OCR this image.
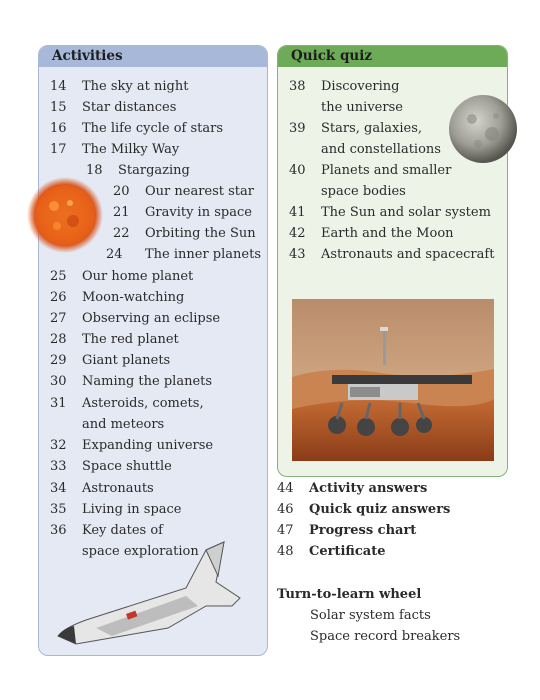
Activities	Quick quiz
14 The sky at night
15 Star distances
16 The life cycle of stars
17 The Milky Way
18 Stargazing
20 Our nearest star
21 Gravity in space
22 Orbiting the Sun
24 The inner planets
25 Our home planet
26 Moon-watching
27 Observing an eclipse
28 The red planet
29 Giant planets
30 Naming the planets
31 Asteroids, comets,
and meteors
32 Expanding universe
33 Space shuttle
34 Astronauts
35 Living in space
36 Key dates of
space exploration
38 Discovering
the universe
39 Stars, galaxies,
and constellations
40 Planets and smaller
space bodies
41 The Sun and solar system
42 Earth and the Moon
43 Astronauts and spacecraft
44 Activity answers
46 Quick quiz answers
47 Progress chart
48 Certificate
Turn-to-learn wheel
Solar system facts
Space record breakers
